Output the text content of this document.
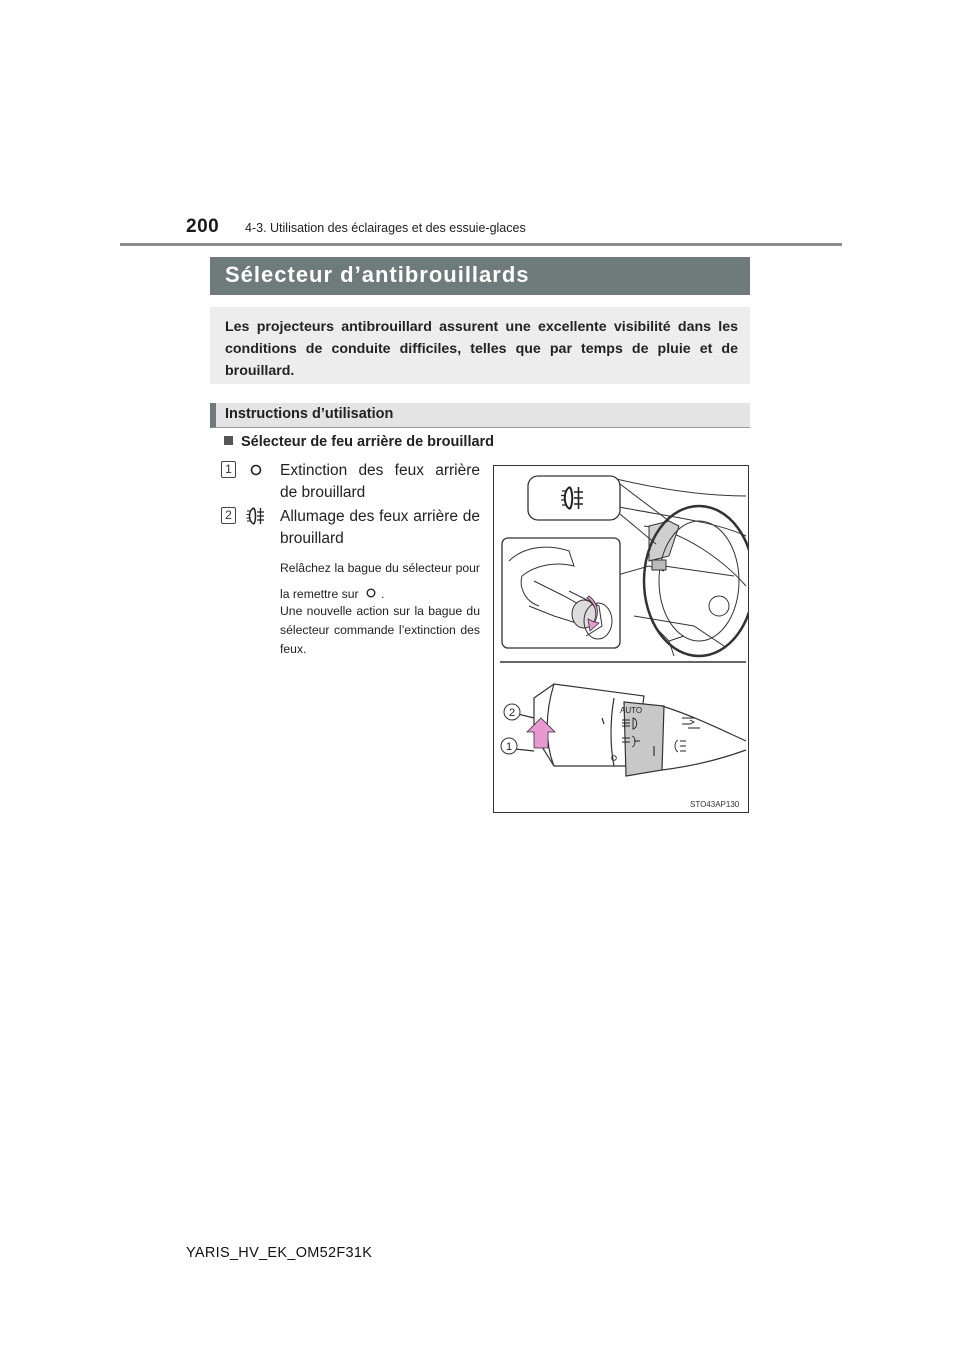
200 4-3. Utilisation des éclairages et des essuie-glaces
Sélecteur d’antibrouillards
Les projecteurs antibrouillard assurent une excellente visibilité dans les conditions de conduite difficiles, telles que par temps de pluie et de brouillard.
Instructions d’utilisation
Sélecteur de feu arrière de brouillard
1	Extinction des feux arrière de brouillard
2	Allumage des feux arrière de brouillard
Relâchez la bague du sélecteur pour la remettre sur .
Une nouvelle action sur la bague du sélecteur commande l’extinction des feux.
AUTO
2
1
STO43AP130
YARIS_HV_EK_OM52F31K
